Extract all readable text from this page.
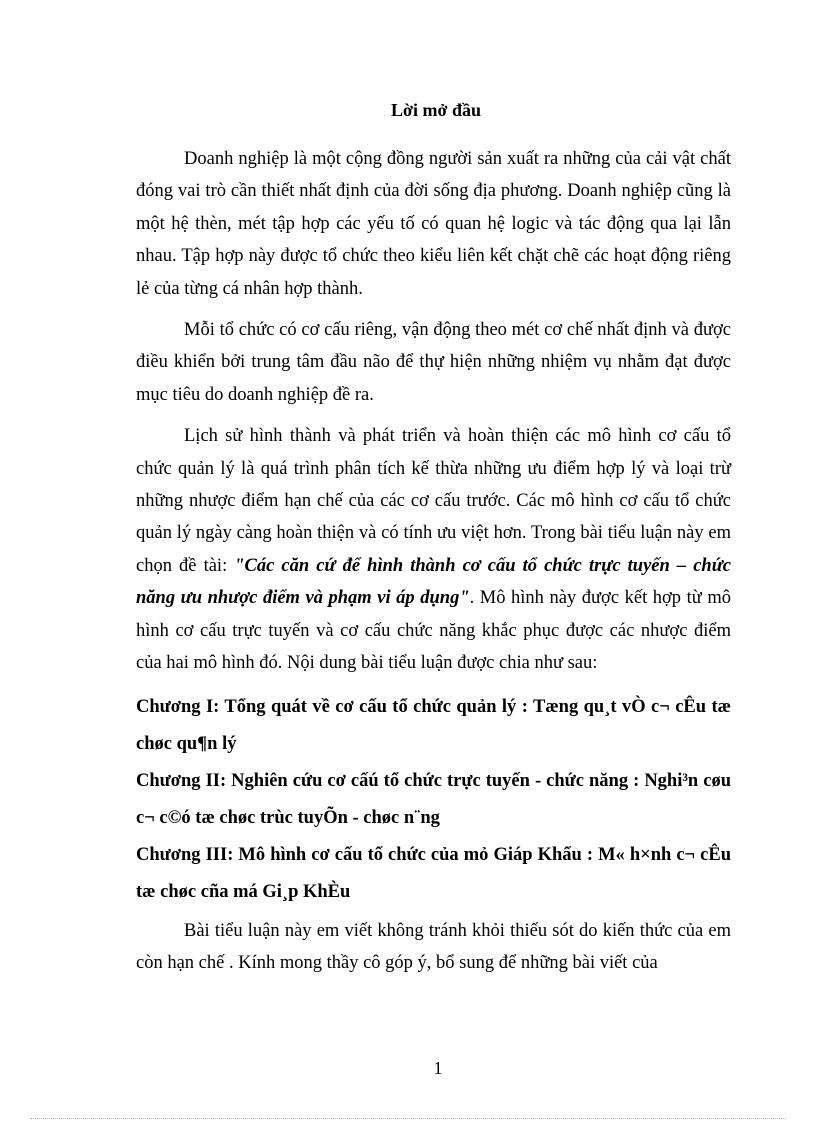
Lời mở đầu

Doanh nghiệp là một cộng đồng người sản xuất ra những của cải vật chất đóng vai trò cần thiết nhất định của đời sống địa phương. Doanh nghiệp cũng là một hệ thèn, mét tập hợp các yếu tố có quan hệ logic và tác động qua lại lẫn nhau. Tập hợp này được tổ chức theo kiểu liên kết chặt chẽ các hoạt động riêng lẻ của từng cá nhân hợp thành.

Mỗi tổ chức có cơ cấu riêng, vận động theo mét cơ chế nhất định và được điều khiển bởi trung tâm đầu não để thự hiện những nhiệm vụ nhằm đạt được mục tiêu do doanh nghiệp đề ra.

Lịch sử hình thành và phát triển và hoàn thiện các mô hình cơ cấu tổ chức quản lý là quá trình phân tích kế thừa những ưu điểm hợp lý và loại trừ những nhược điểm hạn chế của các cơ cấu trước. Các mô hình cơ cấu tổ chức quản lý ngày càng hoàn thiện và có tính ưu việt hơn. Trong bài tiểu luận này em chọn đề tài: "Các căn cứ để hình thành cơ cấu tổ chức trực tuyến – chức năng ưu nhược điểm và phạm vi áp dụng". Mô hình này được kết hợp từ mô hình cơ cấu trực tuyến và cơ cấu chức năng khắc phục được các nhược điểm của hai mô hình đó. Nội dung bài tiểu luận được chia như sau:

Chương I: Tổng quát về cơ cấu tổ chức quản lý : Tæng qu¸t vÒ c¬ cÊu tæ chøc qu¶n lý

Chương II: Nghiên cứu cơ cấú tổ chức trực tuyến - chức năng : Nghi³n cøu c¬ c©ó tæ chøc trùc tuyÕn - chøc n¨ng

Chương III: Mô hình cơ cấu tổ chức của mỏ Giáp Khẩu : M« h×nh c¬ cÊu tæ chøc cña má Gi¸p KhÈu

Bài tiểu luận này em viết không tránh khỏi thiếu sót do kiến thức của em còn hạn chế . Kính mong thầy cô góp ý, bổ sung để những bài viết của

1
